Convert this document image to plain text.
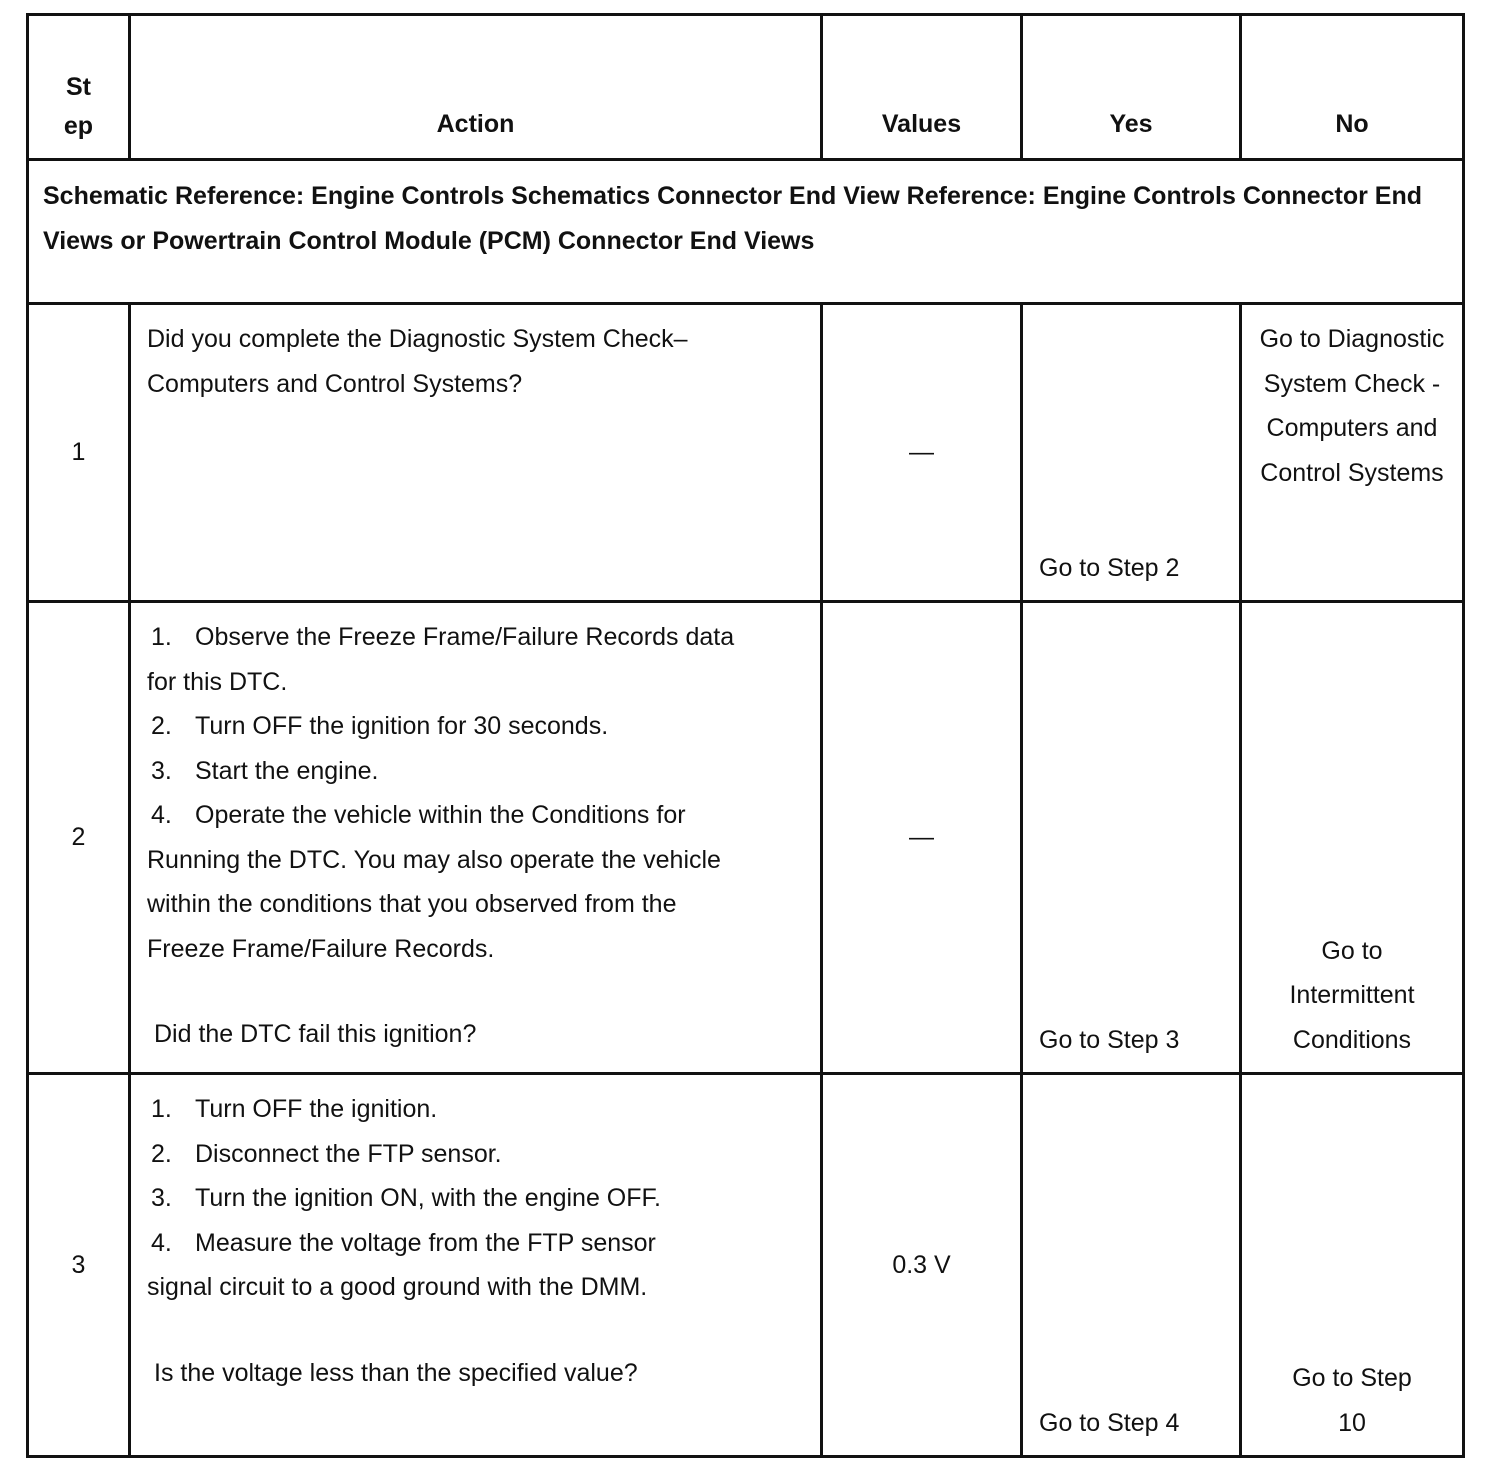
St
ep	Action	Values	Yes	No
Schematic Reference: Engine Controls Schematics Connector End View Reference: Engine Controls Connector End Views or Powertrain Control Module (PCM) Connector End Views				
1	Did you complete the Diagnostic System Check–Computers and Control Systems?	—	Go to Step 2	Go to Diagnostic System Check - Computers and Control Systems
2	1. Observe the Freeze Frame/Failure Records data for this DTC.
2. Turn OFF the ignition for 30 seconds.
3. Start the engine.
4. Operate the vehicle within the Conditions for Running the DTC. You may also operate the vehicle within the conditions that you observed from the Freeze Frame/Failure Records.
Did the DTC fail this ignition?	—	Go to Step 3	Go to Intermittent Conditions

3	1. Turn OFF the ignition.
2. Disconnect the FTP sensor.
3. Turn the ignition ON, with the engine OFF.
4. Measure the voltage from the FTP sensor signal circuit to a good ground with the DMM.
Is the voltage less than the specified value?	0.3 V	Go to Step 4	Go to Step 10
